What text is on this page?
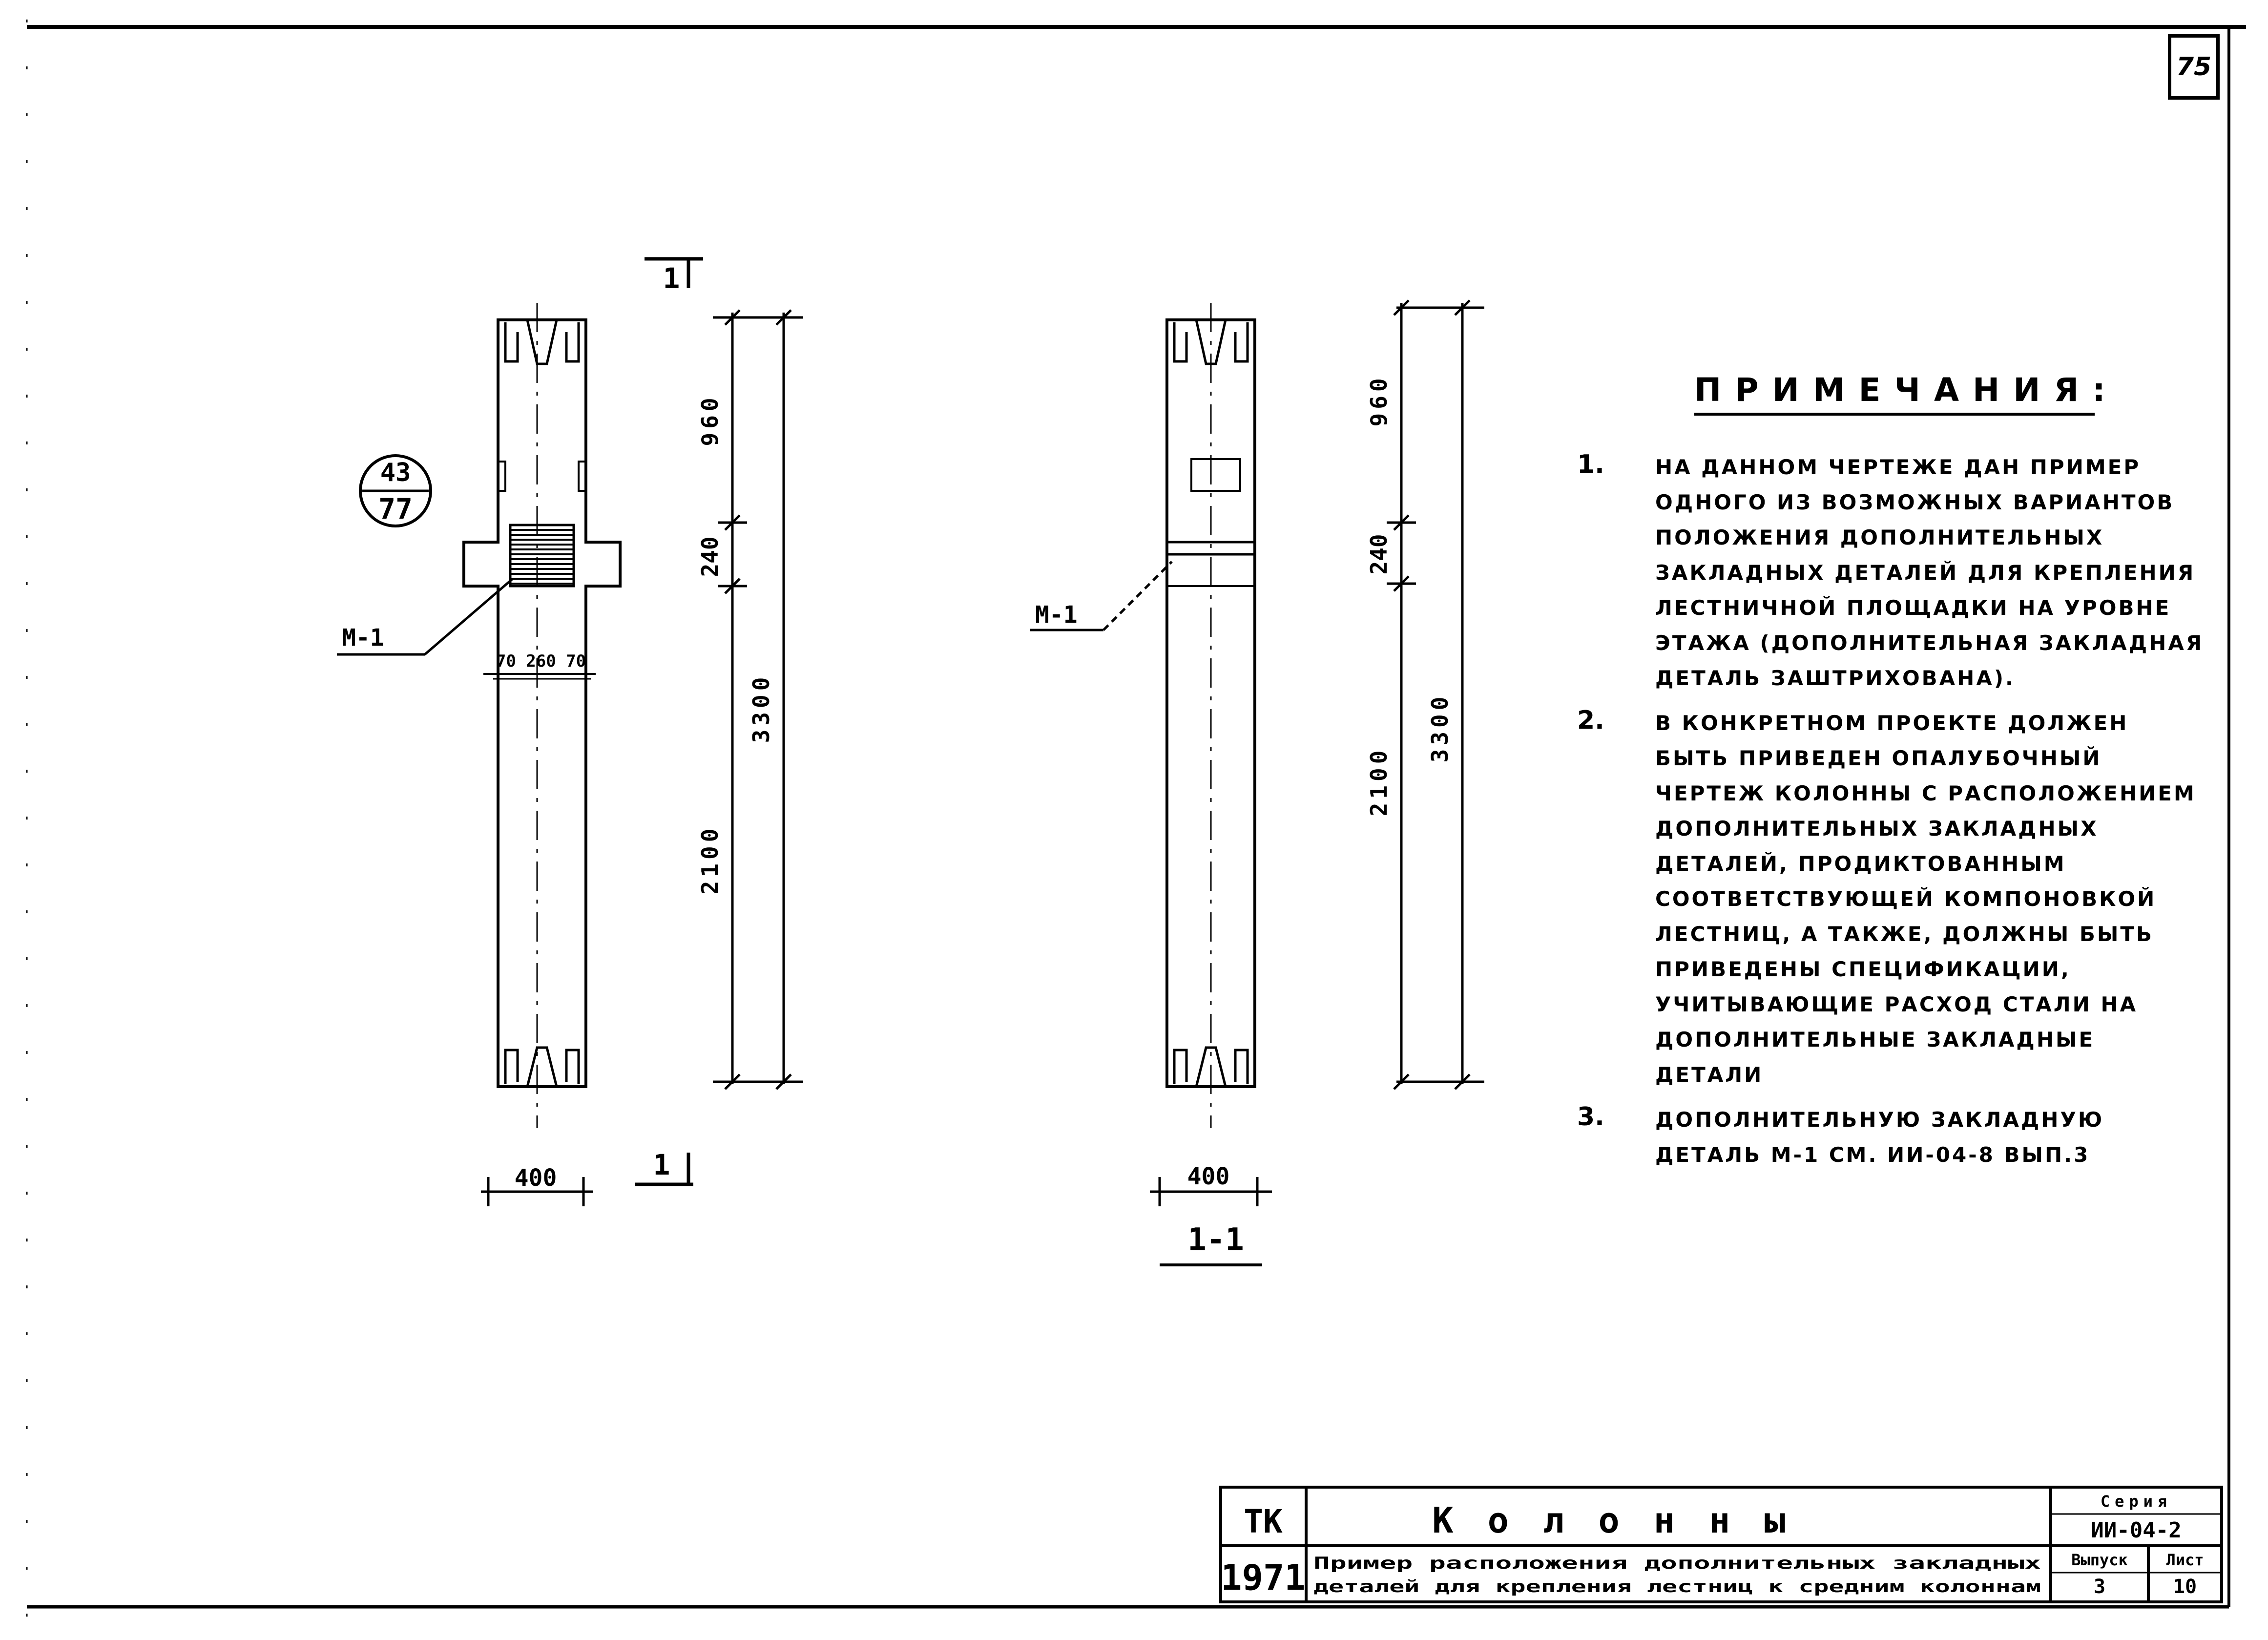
43
77
М-1
70 260 70
1
1
400
960
240
2100
3300
М-1
400
1-1
960
240
2100
3300
ТК
1971
Колонны
Пример расположения дополнительных закладных
деталей для крепления лестниц к средним колоннам
Серия
ИИ-04-2
Выпуск
3
Лист
10
75
ПРИМЕЧАНИЯ:
1.	НА ДАННОМ ЧЕРТЕЖЕ ДАН ПРИМЕР ОДНОГО ИЗ ВОЗМОЖНЫХ ВАРИАНТОВ ПОЛОЖЕНИЯ ДОПОЛНИТЕЛЬНЫХ ЗАКЛАДНЫХ ДЕТАЛЕЙ ДЛЯ КРЕПЛЕНИЯ ЛЕСТНИЧНОЙ ПЛОЩАДКИ НА УРОВНЕ ЭТАЖА (ДОПОЛНИТЕЛЬНАЯ ЗАКЛАДНАЯ ДЕТАЛЬ ЗАШТРИХОВАНА).
2.	В КОНКРЕТНОМ ПРОЕКТЕ ДОЛЖЕН БЫТЬ ПРИВЕДЕН ОПАЛУБОЧНЫЙ ЧЕРТЕЖ КОЛОННЫ С РАСПОЛОЖЕНИЕМ ДОПОЛНИТЕЛЬНЫХ ЗАКЛАДНЫХ ДЕТАЛЕЙ, ПРОДИКТОВАННЫМ СООТВЕТСТВУЮЩЕЙ КОМПОНОВКОЙ ЛЕСТНИЦ, А ТАКЖЕ, ДОЛЖНЫ БЫТЬ ПРИВЕДЕНЫ СПЕЦИФИКАЦИИ, УЧИТЫВАЮЩИЕ РАСХОД СТАЛИ НА ДОПОЛНИТЕЛЬНЫЕ ЗАКЛАДНЫЕ ДЕТАЛИ
3.	ДОПОЛНИТЕЛЬНУЮ ЗАКЛАДНУЮ ДЕТАЛЬ М-1 СМ. ИИ-04-8 ВЫП.3
